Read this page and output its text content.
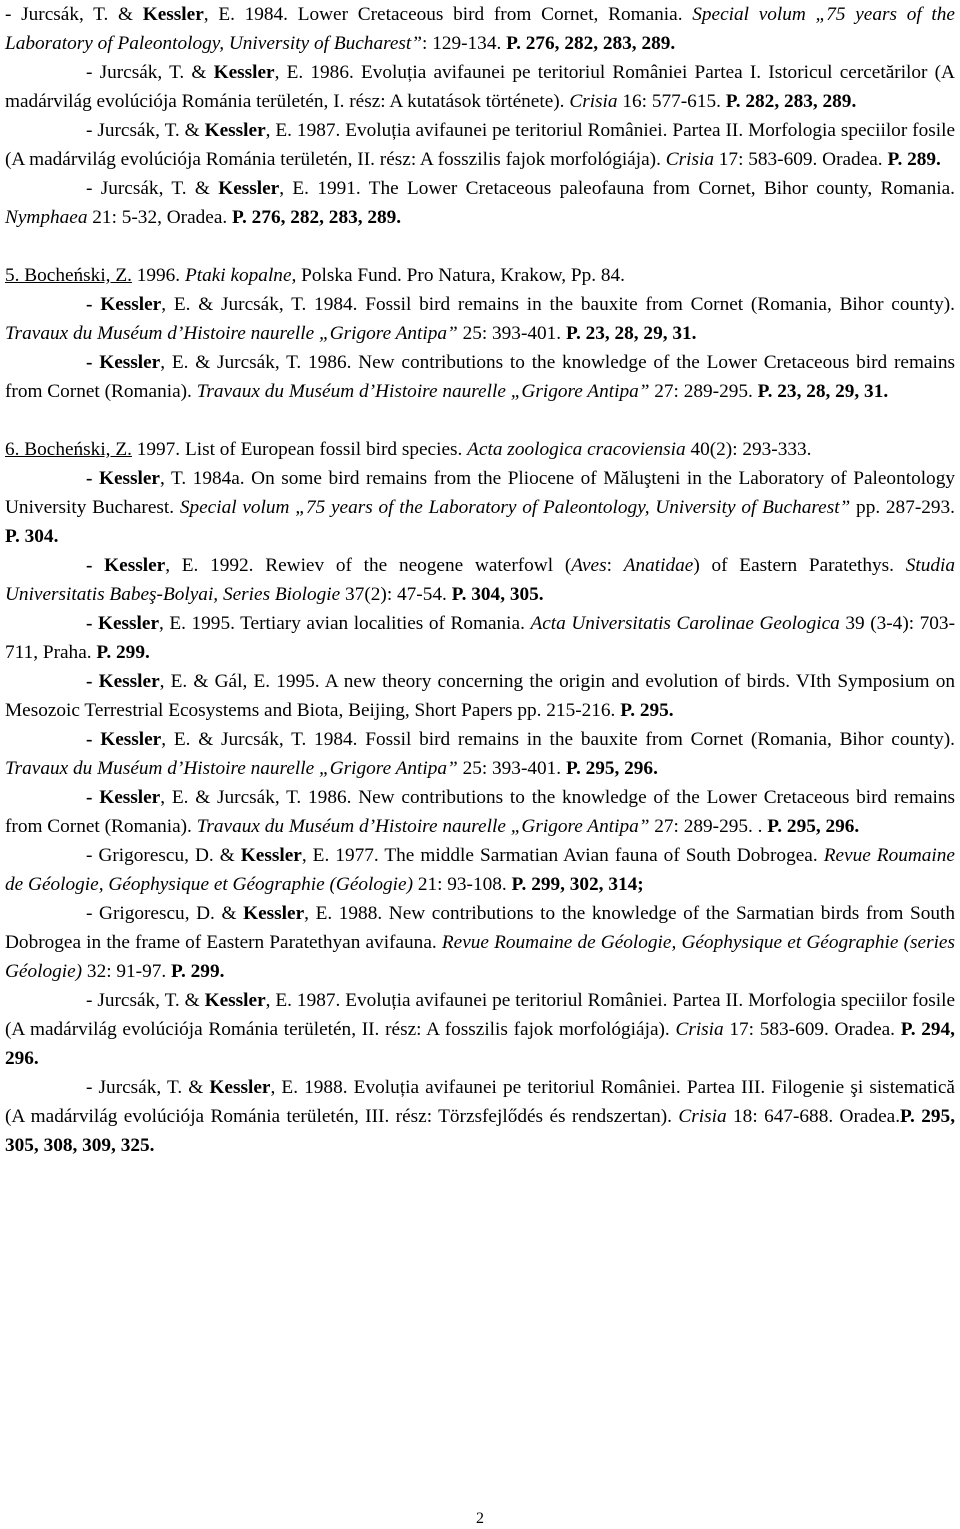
- Jurcsák, T. & Kessler, E. 1984. Lower Cretaceous bird from Cornet, Romania. Special volum „75 years of the Laboratory of Paleontology, University of Bucharest”: 129-134. P. 276, 282, 283, 289.

- Jurcsák, T. & Kessler, E. 1986. Evoluția avifaunei pe teritoriul României Partea I. Istoricul cercetărilor (A madárvilág evolúciója Románia területén, I. rész: A kutatások története). Crisia 16: 577-615. P. 282, 283, 289.

- Jurcsák, T. & Kessler, E. 1987. Evoluția avifaunei pe teritoriul României. Partea II. Morfologia speciilor fosile (A madárvilág evolúciója Románia területén, II. rész: A fosszilis fajok morfológiája). Crisia 17: 583-609. Oradea. P. 289.

- Jurcsák, T. & Kessler, E. 1991. The Lower Cretaceous paleofauna from Cornet, Bihor county, Romania. Nymphaea 21: 5-32, Oradea. P. 276, 282, 283, 289.

5. Bocheński, Z. 1996. Ptaki kopalne, Polska Fund. Pro Natura, Krakow, Pp. 84.

- Kessler, E. & Jurcsák, T. 1984. Fossil bird remains in the bauxite from Cornet (Romania, Bihor county). Travaux du Muséum d’Histoire naurelle „Grigore Antipa” 25: 393-401. P. 23, 28, 29, 31.

- Kessler, E. & Jurcsák, T. 1986. New contributions to the knowledge of the Lower Cretaceous bird remains from Cornet (Romania). Travaux du Muséum d’Histoire naurelle „Grigore Antipa” 27: 289-295. P. 23, 28, 29, 31.

6. Bocheński, Z. 1997. List of European fossil bird species. Acta zoologica cracoviensia 40(2): 293-333.

- Kessler, T. 1984a. On some bird remains from the Pliocene of Măluşteni in the Laboratory of Paleontology University Bucharest. Special volum „75 years of the Laboratory of Paleontology, University of Bucharest” pp. 287-293. P. 304.

- Kessler, E. 1992. Rewiev of the neogene waterfowl (Aves: Anatidae) of Eastern Paratethys. Studia Universitatis Babeş-Bolyai, Series Biologie 37(2): 47-54. P. 304, 305.

- Kessler, E. 1995. Tertiary avian localities of Romania. Acta Universitatis Carolinae Geologica 39 (3-4): 703-711, Praha. P. 299.

- Kessler, E. & Gál, E. 1995. A new theory concerning the origin and evolution of birds. VIth Symposium on Mesozoic Terrestrial Ecosystems and Biota, Beijing, Short Papers pp. 215-216. P. 295.

- Kessler, E. & Jurcsák, T. 1984. Fossil bird remains in the bauxite from Cornet (Romania, Bihor county). Travaux du Muséum d’Histoire naurelle „Grigore Antipa” 25: 393-401. P. 295, 296.

- Kessler, E. & Jurcsák, T. 1986. New contributions to the knowledge of the Lower Cretaceous bird remains from Cornet (Romania). Travaux du Muséum d’Histoire naurelle „Grigore Antipa” 27: 289-295. . P. 295, 296.

- Grigorescu, D. & Kessler, E. 1977. The middle Sarmatian Avian fauna of South Dobrogea. Revue Roumaine de Géologie, Géophysique et Géographie (Géologie) 21: 93-108. P. 299, 302, 314;

- Grigorescu, D. & Kessler, E. 1988. New contributions to the knowledge of the Sarmatian birds from South Dobrogea in the frame of Eastern Paratethyan avifauna. Revue Roumaine de Géologie, Géophysique et Géographie (series Géologie) 32: 91-97. P. 299.

- Jurcsák, T. & Kessler, E. 1987. Evoluția avifaunei pe teritoriul României. Partea II. Morfologia speciilor fosile (A madárvilág evolúciója Románia területén, II. rész: A fosszilis fajok morfológiája). Crisia 17: 583-609. Oradea. P. 294, 296.

- Jurcsák, T. & Kessler, E. 1988. Evoluția avifaunei pe teritoriul României. Partea III. Filogenie şi sistematică (A madárvilág evolúciója Románia területén, III. rész: Törzsfejlődés és rendszertan). Crisia 18: 647-688. Oradea.P. 295, 305, 308, 309, 325.

2
